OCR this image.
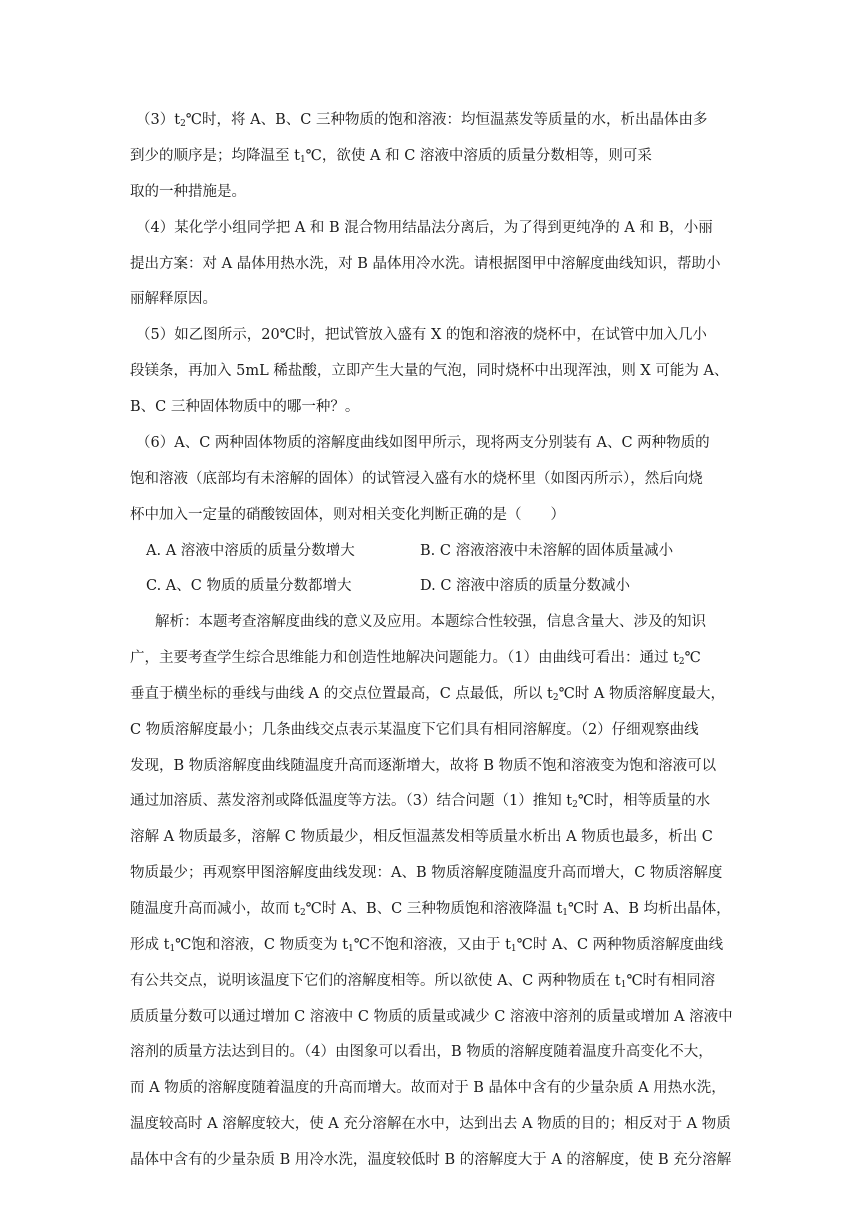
$(3)t_2℃$时，将 A、B、C 三种物质的饱和溶液：均恒温蒸发等质量的水，析出晶体由多
到少的顺序是；均降温至 $t_1℃$，欲使 A 和 C 溶液中溶质的质量分数相等，则可采
取的一种措施是。
（4）某化学小组同学把 A 和 B 混合物用结晶法分离后，为了得到更纯净的 A 和 B，小丽
提出方案：对 A 晶体用热水洗，对 B 晶体用冷水洗。请根据图甲中溶解度曲线知识，帮助小
丽解释原因。
（5）如乙图所示，20℃时，把试管放入盛有 X 的饱和溶液的烧杯中，在试管中加入几小
段镁条，再加入 5mL 稀盐酸，立即产生大量的气泡，同时烧杯中出现浑浊，则 X 可能为 A、
B、C 三种固体物质中的哪一种？。
（6）A、C 两种固体物质的溶解度曲线如图甲所示，现将两支分别装有 A、C 两种物质的
饱和溶液（底部均有未溶解的固体）的试管浸入盛有水的烧杯里（如图丙所示），然后向烧
杯中加入一定量的硝酸铵固体，则对相关变化判断正确的是（　　）
A. A 溶液中溶质的质量分数增大	B. C 溶液溶液中未溶解的固体质量减小
C. A、C 物质的质量分数都增大	D. C 溶液中溶质的质量分数减小
解析：本题考查溶解度曲线的意义及应用。本题综合性较强，信息含量大、涉及的知识
广，主要考查学生综合思维能力和创造性地解决问题能力。（1）由曲线可看出：通过 $t_2℃$
垂直于横坐标的垂线与曲线 A 的交点位置最高，C 点最低，所以 $t_2℃$时 A 物质溶解度最大，
C 物质溶解度最小；几条曲线交点表示某温度下它们具有相同溶解度。（2）仔细观察曲线
发现，B 物质溶解度曲线随温度升高而逐渐增大，故将 B 物质不饱和溶液变为饱和溶液可以
通过加溶质、蒸发溶剂或降低温度等方法。（3）结合问题（1）推知 $t_2℃$时，相等质量的水
溶解 A 物质最多，溶解 C 物质最少，相反恒温蒸发相等质量水析出 A 物质也最多，析出 C
物质最少；再观察甲图溶解度曲线发现：A、B 物质溶解度随温度升高而增大，C 物质溶解度
随温度升高而减小，故而 $t_2℃$时 A、B、C 三种物质饱和溶液降温 $t_1℃$时 A、B 均析出晶体，
形成 $t_1℃$饱和溶液，C 物质变为 $t_1℃$不饱和溶液，又由于 $t_1℃$时 A、C 两种物质溶解度曲线
有公共交点，说明该温度下它们的溶解度相等。所以欲使 A、C 两种物质在 $t_1℃$时有相同溶
质质量分数可以通过增加 C 溶液中 C 物质的质量或减少 C 溶液中溶剂的质量或增加 A 溶液中
溶剂的质量方法达到目的。（4）由图象可以看出，B 物质的溶解度随着温度升高变化不大，
而 A 物质的溶解度随着温度的升高而增大。故而对于 B 晶体中含有的少量杂质 A 用热水洗，
温度较高时 A 溶解度较大，使 A 充分溶解在水中，达到出去 A 物质的目的；相反对于 A 物质
晶体中含有的少量杂质 B 用冷水洗，温度较低时 B 的溶解度大于 A 的溶解度，使 B 充分溶解
